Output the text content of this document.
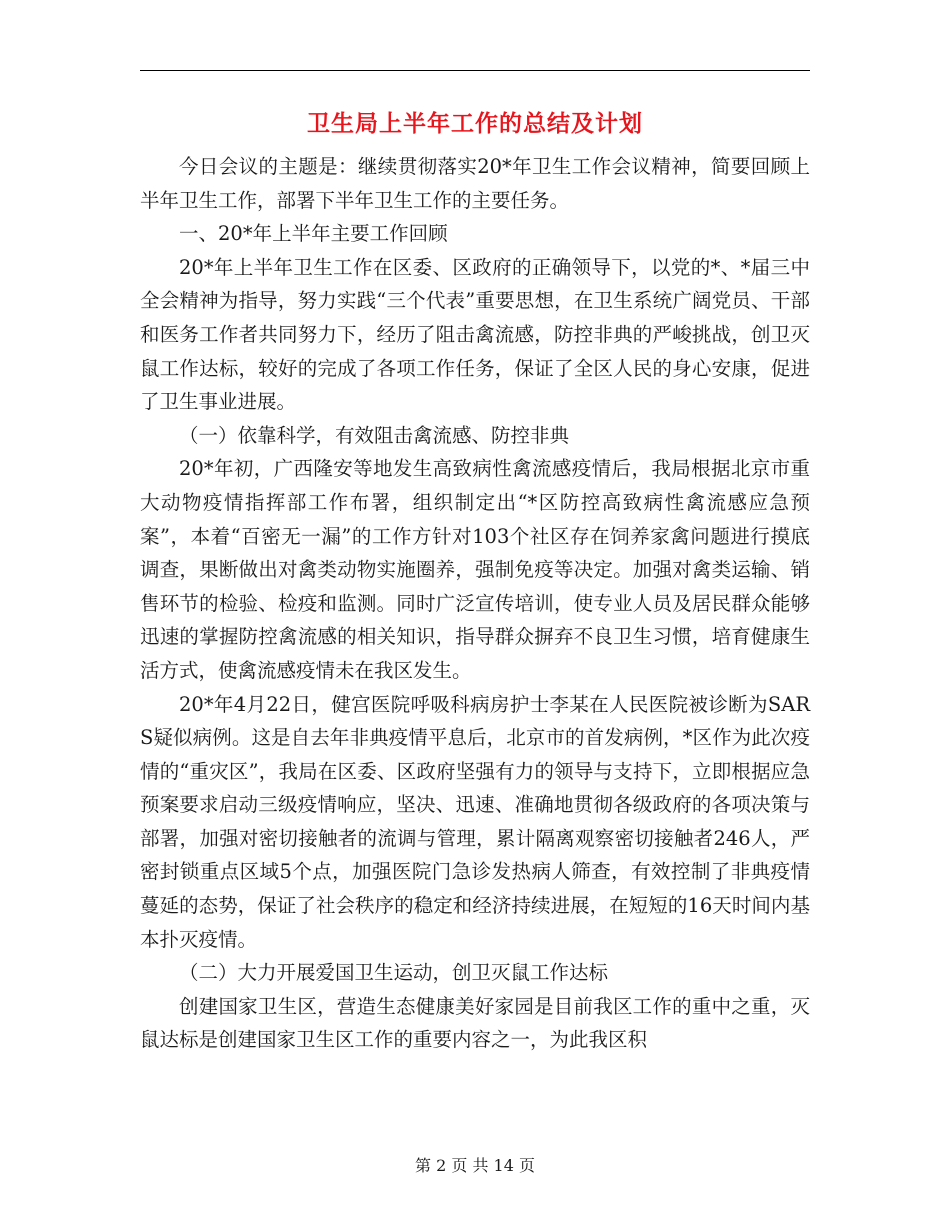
卫生局上半年工作的总结及计划

今日会议的主题是：继续贯彻落实20*年卫生工作会议精神，简要回顾上半年卫生工作，部署下半年卫生工作的主要任务。

一、20*年上半年主要工作回顾

20*年上半年卫生工作在区委、区政府的正确领导下，以党的*、*届三中全会精神为指导，努力实践“三个代表”重要思想，在卫生系统广阔党员、干部和医务工作者共同努力下，经历了阻击禽流感，防控非典的严峻挑战，创卫灭鼠工作达标，较好的完成了各项工作任务，保证了全区人民的身心安康，促进了卫生事业进展。

（一）依靠科学，有效阻击禽流感、防控非典

20*年初，广西隆安等地发生高致病性禽流感疫情后，我局根据北京市重大动物疫情指挥部工作布署，组织制定出“*区防控高致病性禽流感应急预案”，本着“百密无一漏”的工作方针对103个社区存在饲养家禽问题进行摸底调查，果断做出对禽类动物实施圈养，强制免疫等决定。加强对禽类运输、销售环节的检验、检疫和监测。同时广泛宣传培训，使专业人员及居民群众能够迅速的掌握防控禽流感的相关知识，指导群众摒弃不良卫生习惯，培育健康生活方式，使禽流感疫情未在我区发生。

20*年4月22日，健宫医院呼吸科病房护士李某在人民医院被诊断为SARS疑似病例。这是自去年非典疫情平息后，北京市的首发病例，*区作为此次疫情的“重灾区”，我局在区委、区政府坚强有力的领导与支持下，立即根据应急预案要求启动三级疫情响应，坚决、迅速、准确地贯彻各级政府的各项决策与部署，加强对密切接触者的流调与管理，累计隔离观察密切接触者246人，严密封锁重点区域5个点，加强医院门急诊发热病人筛查，有效控制了非典疫情蔓延的态势，保证了社会秩序的稳定和经济持续进展，在短短的16天时间内基本扑灭疫情。

（二）大力开展爱国卫生运动，创卫灭鼠工作达标

创建国家卫生区，营造生态健康美好家园是目前我区工作的重中之重，灭鼠达标是创建国家卫生区工作的重要内容之一，为此我区积

第 2 页 共 14 页
